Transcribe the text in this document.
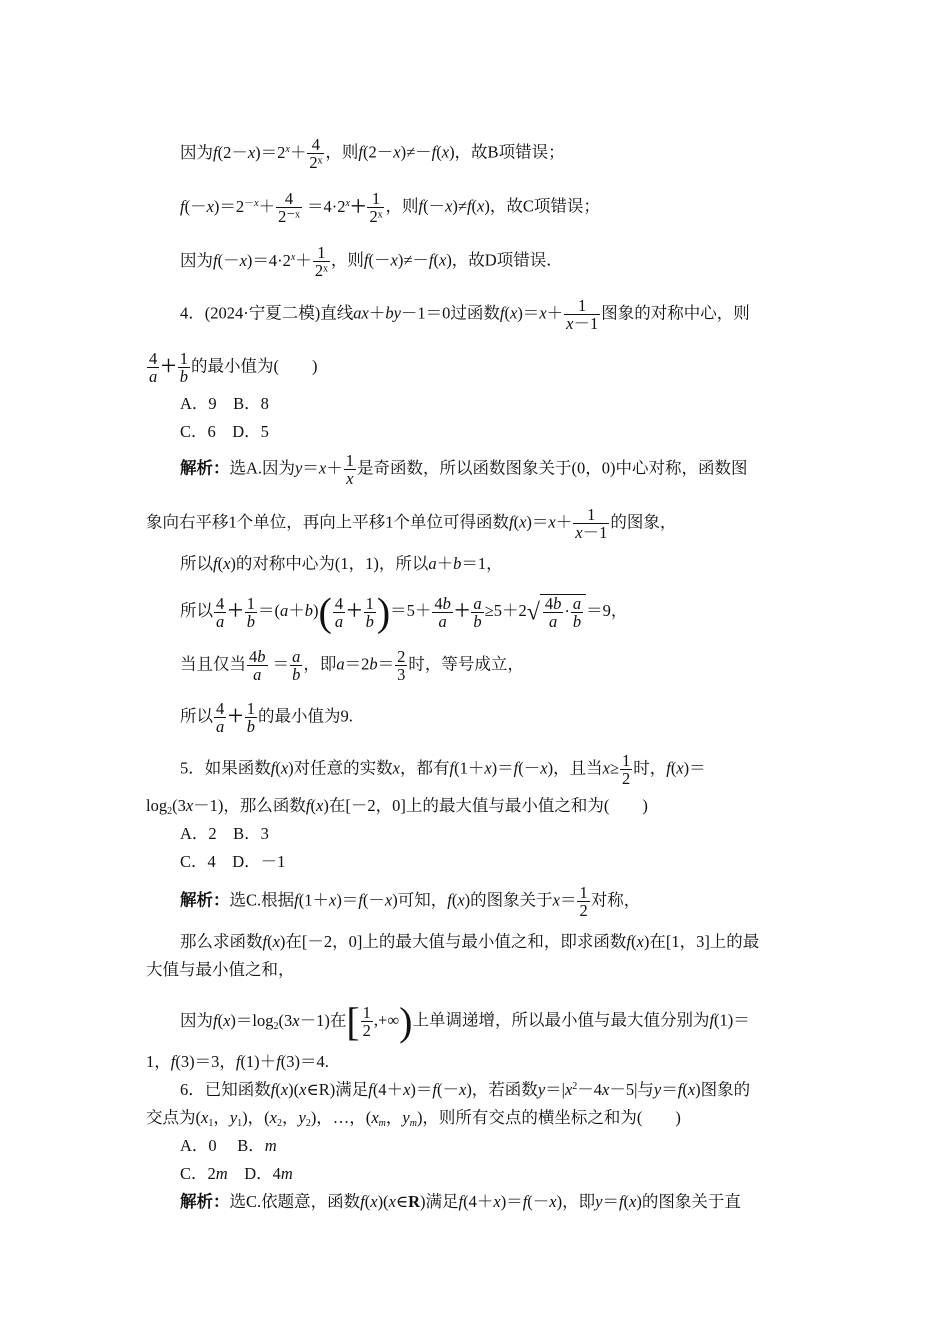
因为$f(2-x)=2^x+ \frac{4}{\text{2ˣ}}$ ，则f(2－x)≠－f(x)，故B项错误；
$f(-x)=2^{-x}+ \frac{4}{\text{2⁻ˣ}} =4\cdot 2^x+ \frac{1}{\text{2ˣ}}$ ，则f(－x)≠f(x)，故C项错误；
因为$f(-x)=4\cdot 2^x+ \frac{1}{\text{2ˣ}}$ ，则f(－x)≠－f(x)，故D项错误．
4．(2024·宁夏二模)直线ax＋by－1＝0过函数$f(x)=x+ \frac{1}{x-1}$ 图象的对称中心，则
$\frac{4}{a} + \frac{1}{b}$ 的最小值为(　　)
A．9　B．8
C．6　D．5
解析：选A.因为$y=x+ \frac{1}{x}$ 是奇函数，所以函数图象关于(0，0)中心对称，函数图
象向右平移1个单位，再向上平移1个单位可得函数$f(x)=x+ \frac{1}{x-1}$ 的图象，
所以f(x)的对称中心为(1，1)，所以a＋b＝1，
所以 $\frac{4}{a} + \frac{1}{b} =(a+b)( \frac{4}{a} + \frac{1}{b} )=5+ \frac{4b}{a} + \frac{a}{b} \ge 5+2√ \frac{4b}{a} \cdot \frac{a}{b} =9$，
当且仅当 $\frac{4b}{a} = \frac{a}{b}$ ，即$a=2b= \frac{2}{3}$ 时，等号成立，
所以 $\frac{4}{a} + \frac{1}{b}$ 的最小值为9.
5．如果函数f(x)对任意的实数x，都有f(1＋x)＝f(－x)，且当$x\ge \frac{1}{2}$ 时，f(x)＝
$\log_2(3x-1)$，那么函数f(x)在[－2，0]上的最大值与最小值之和为(　　)
A．2　B．3
C．4　D．－1
解析：选C.根据f(1＋x)＝f(－x)可知，f(x)的图象关于$x= \frac{1}{2}$ 对称，
那么求函数f(x)在[－2，0]上的最大值与最小值之和，即求函数f(x)在[1，3]上的最
大值与最小值之和，
因为$f(x)=\log_2(3x-1)$在[ $\frac{1}{2}$ ,+∞)上单调递增，所以最小值与最大值分别为f(1)＝
1，f(3)＝3，f(1)＋f(3)＝4.
6．已知函数f(x)(x∈R)满足f(4＋x)＝f(－x)，若函数$y=|x^2-4x-5|$与y＝f(x)图象的
交点为($x_1$，$y_1$)，($x_2$，$y_2$)，…，($x_m$，$y_m$)，则所有交点的横坐标之和为(　　)
A．0　 B．m
C．2m　D．4m
解析：选C.依题意，函数f(x)(x∈R)满足f(4＋x)＝f(－x)，即y＝f(x)的图象关于直
